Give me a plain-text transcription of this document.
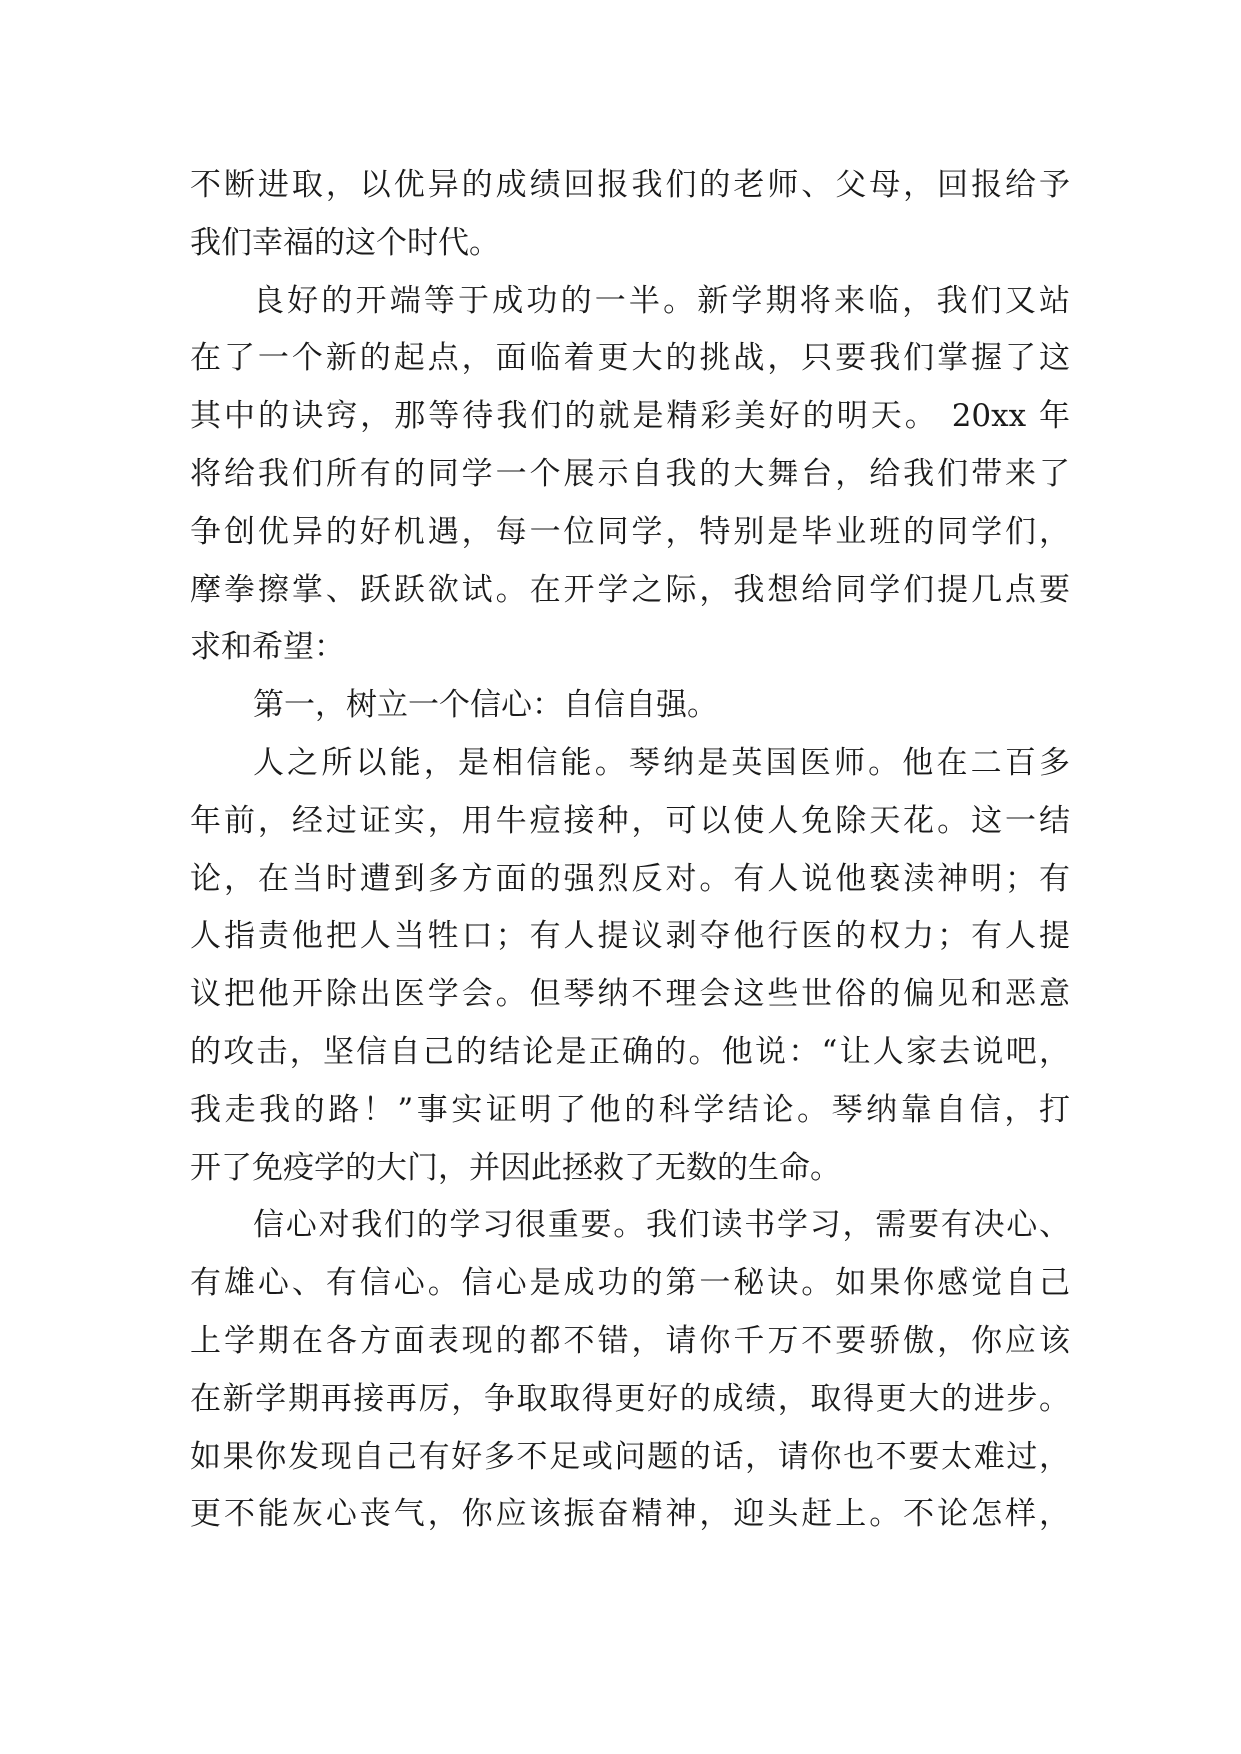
不断进取，以优异的成绩回报我们的老师、父母，回报给予
我们幸福的这个时代。
良好的开端等于成功的一半。新学期将来临，我们又站
在了一个新的起点，面临着更大的挑战，只要我们掌握了这
其中的诀窍，那等待我们的就是精彩美好的明天。 20xx 年
将给我们所有的同学一个展示自我的大舞台，给我们带来了
争创优异的好机遇，每一位同学，特别是毕业班的同学们，
摩拳擦掌、跃跃欲试。在开学之际，我想给同学们提几点要
求和希望：
第一，树立一个信心：自信自强。
人之所以能，是相信能。琴纳是英国医师。他在二百多
年前，经过证实，用牛痘接种，可以使人免除天花。这一结
论，在当时遭到多方面的强烈反对。有人说他亵渎神明；有
人指责他把人当牲口；有人提议剥夺他行医的权力；有人提
议把他开除出医学会。但琴纳不理会这些世俗的偏见和恶意
的攻击，坚信自己的结论是正确的。他说：“让人家去说吧，
我走我的路！”事实证明了他的科学结论。琴纳靠自信，打
开了免疫学的大门，并因此拯救了无数的生命。
信心对我们的学习很重要。我们读书学习，需要有决心、
有雄心、有信心。信心是成功的第一秘诀。如果你感觉自己
上学期在各方面表现的都不错，请你千万不要骄傲，你应该
在新学期再接再厉，争取取得更好的成绩，取得更大的进步。
如果你发现自己有好多不足或问题的话，请你也不要太难过，
更不能灰心丧气，你应该振奋精神，迎头赶上。不论怎样，
